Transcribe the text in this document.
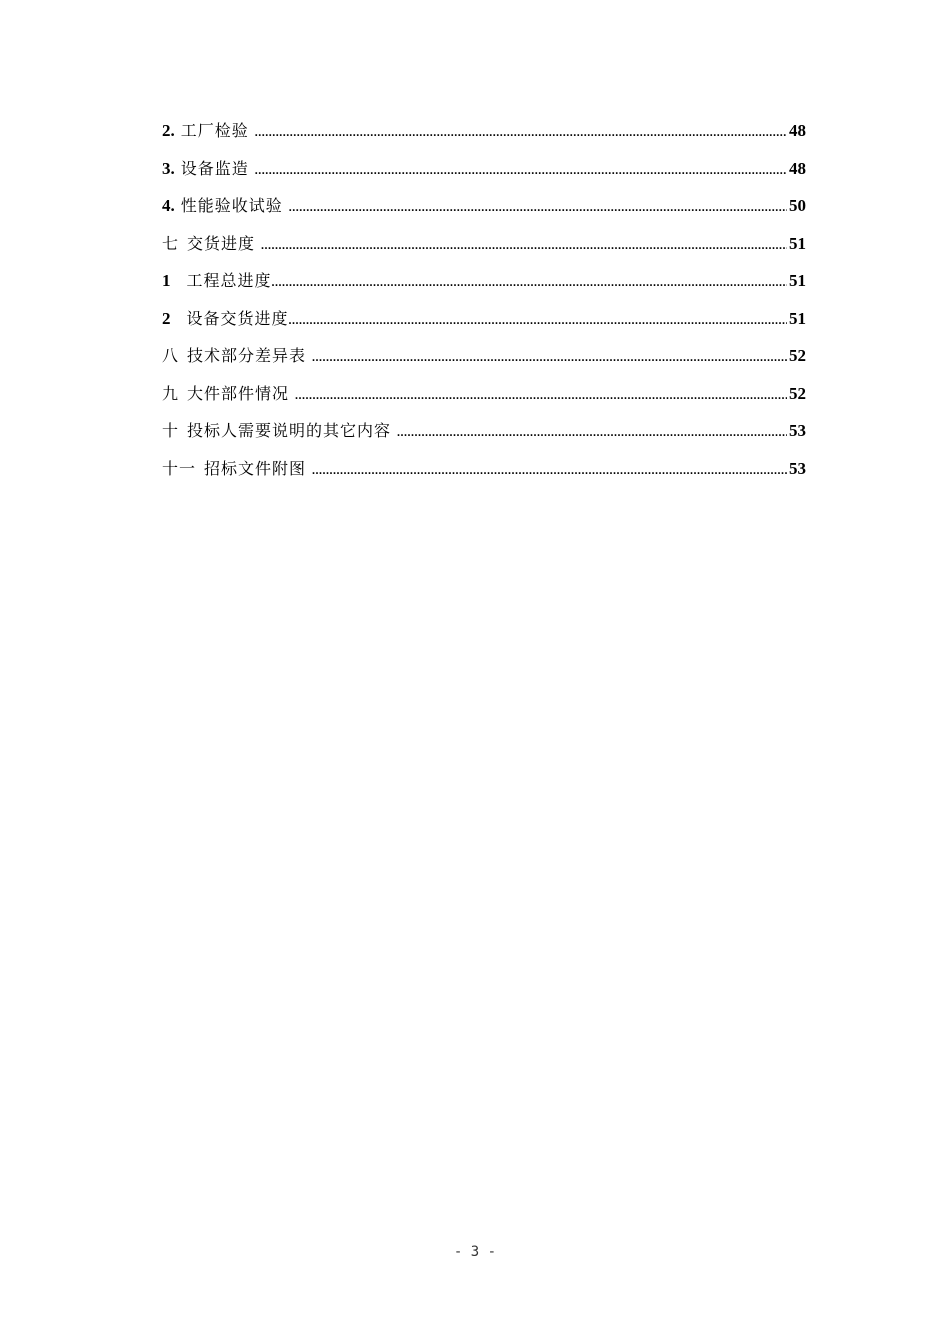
2. 工厂检验 .....	48
3. 设备监造 .....	48
4. 性能验收试验 .....	50
七 交货进度 .....	51
1 工程总进度 .....	51
2 设备交货进度 .....	51
八 技术部分差异表 .....	52
九 大件部件情况 .....	52
十 投标人需要说明的其它内容 .....	53
十一 招标文件附图 .....	53
- 3 -
